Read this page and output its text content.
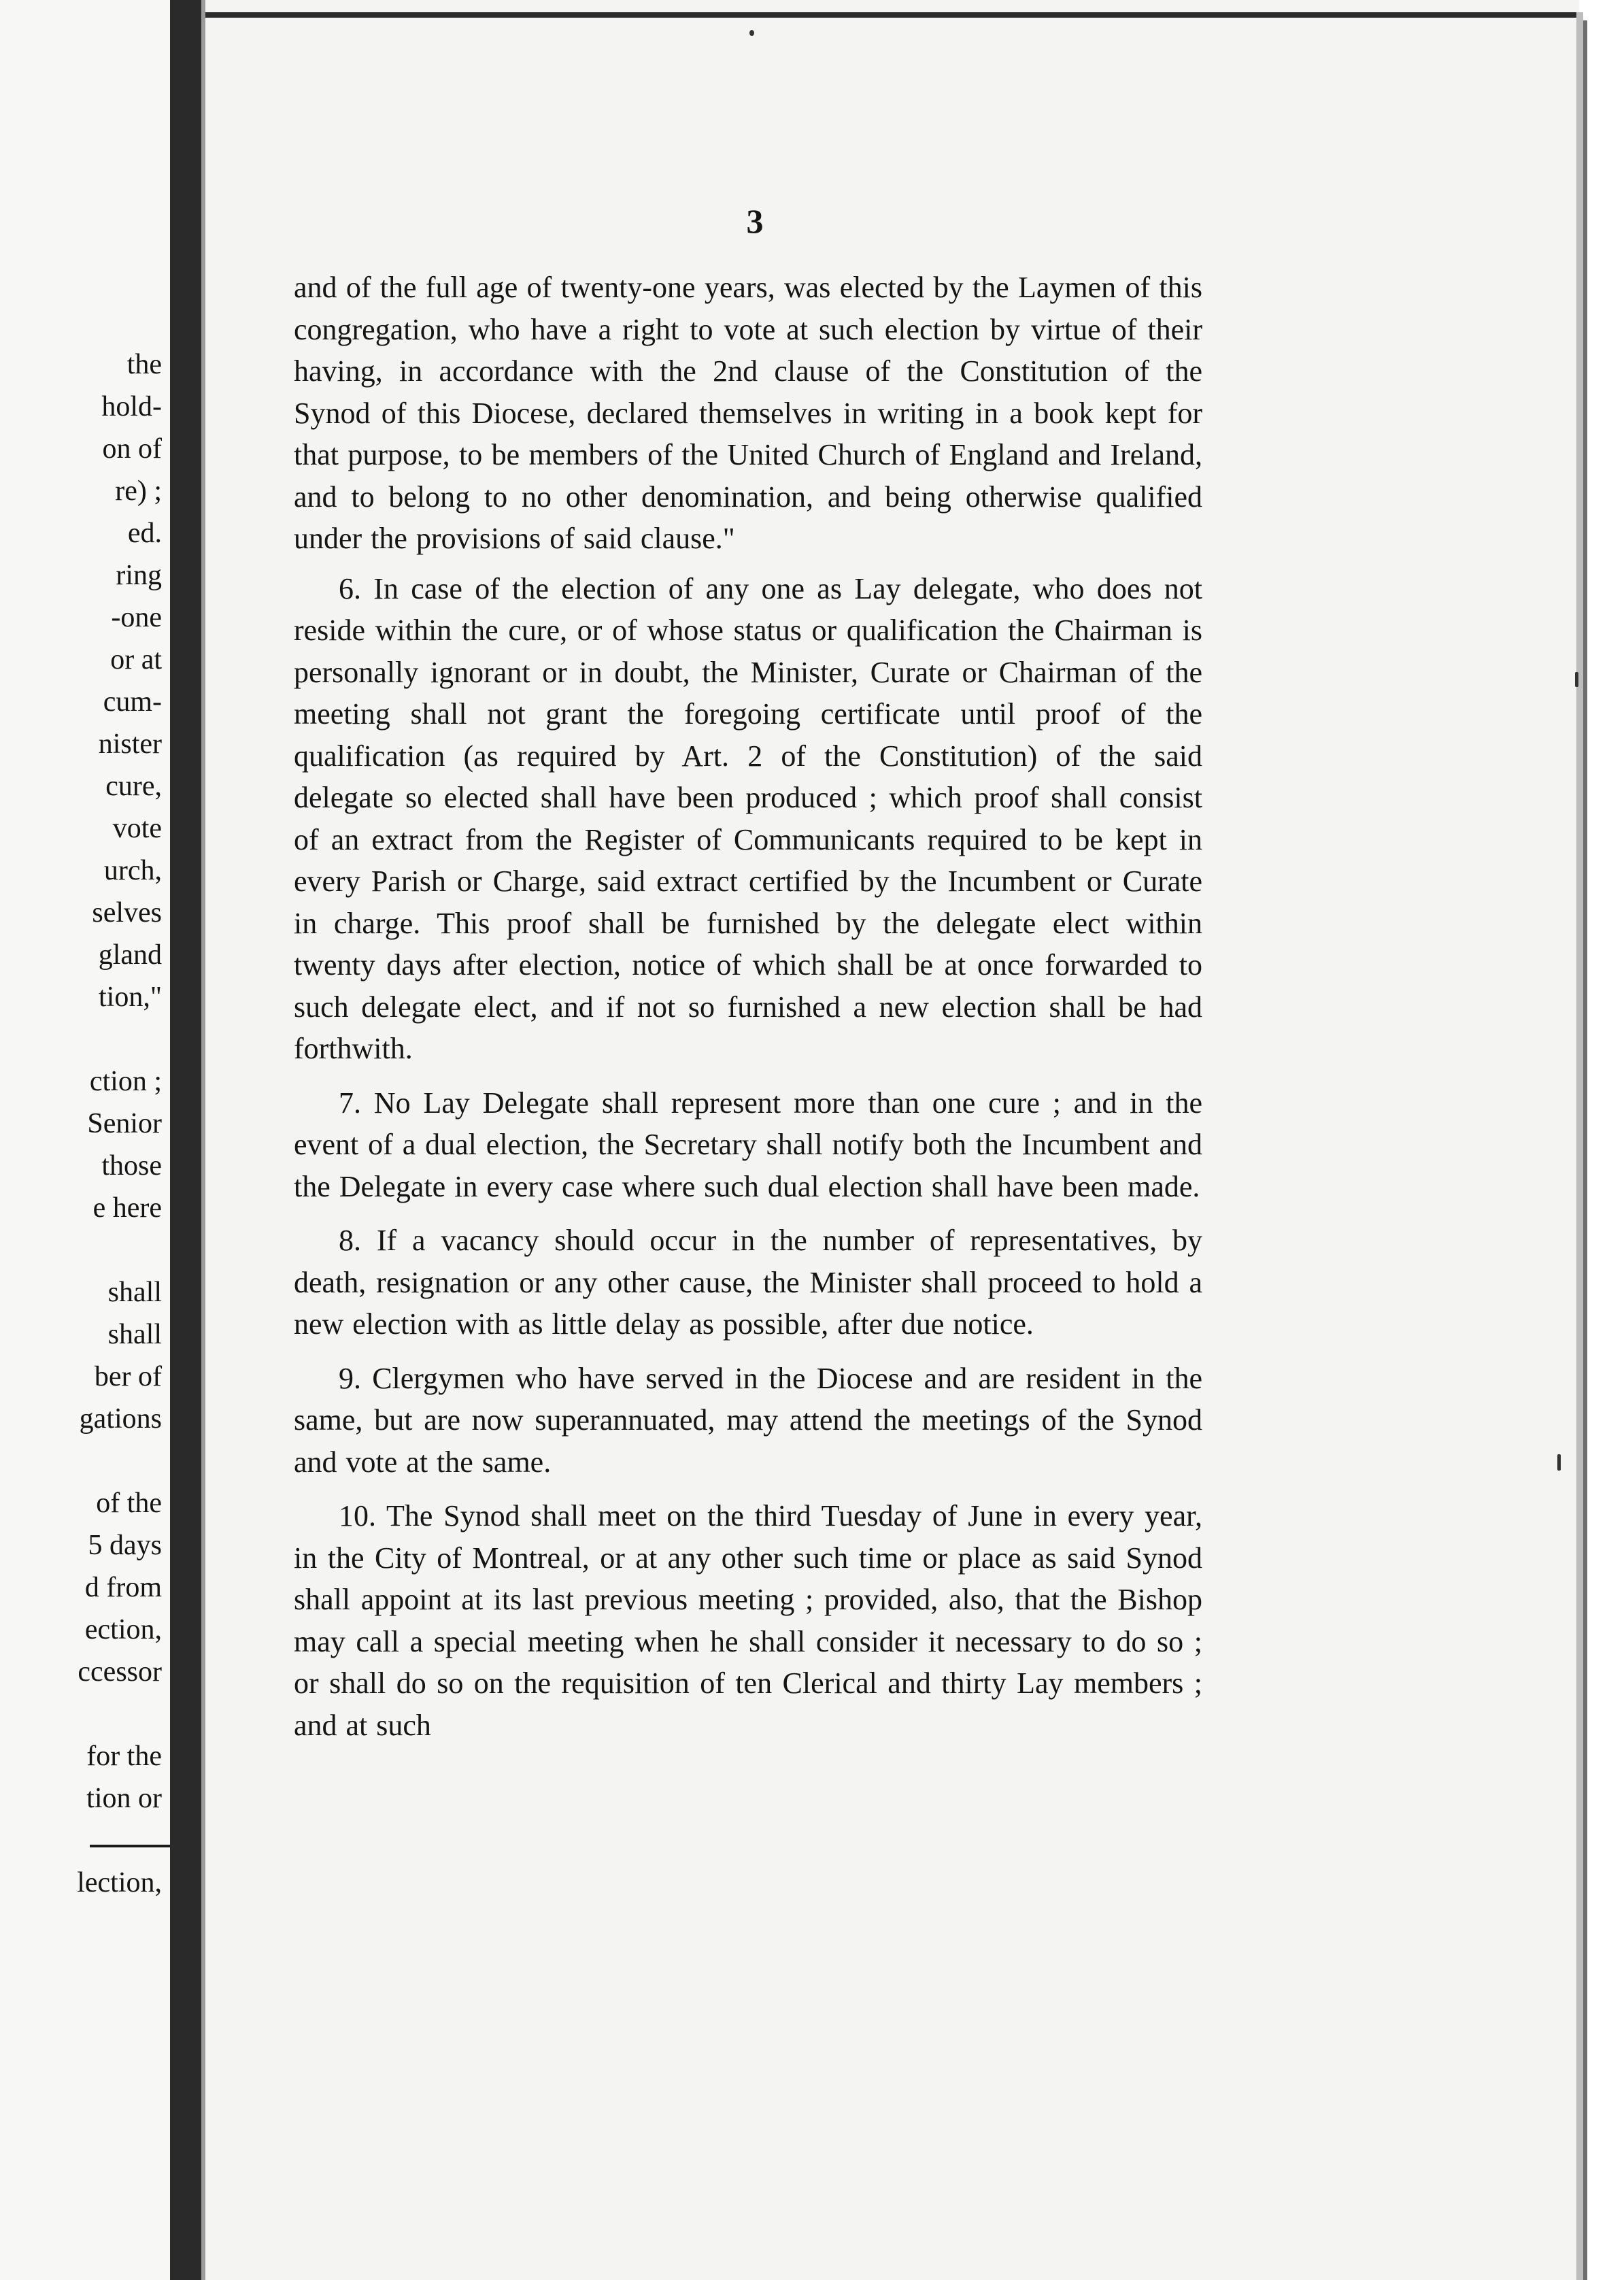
the
hold-
on of
re) ;
ed.
ring
-one
or at
cum-
nister
cure,
vote
urch,
selves
gland
tion,"
ction ;
Senior
those
e here
shall
shall
ber of
gations
of the
5 days
d from
ection,
ccessor
for the
tion or
lection,
3

and of the full age of twenty-one years, was elected by the Laymen of this congregation, who have a right to vote at such election by virtue of their having, in accordance with the 2nd clause of the Constitution of the Synod of this Diocese, declared themselves in writing in a book kept for that purpose, to be members of the United Church of England and Ireland, and to belong to no other denomination, and being otherwise qualified under the provisions of said clause."

6. In case of the election of any one as Lay delegate, who does not reside within the cure, or of whose status or qualification the Chairman is personally ignorant or in doubt, the Minister, Curate or Chairman of the meeting shall not grant the foregoing certificate until proof of the qualification (as required by Art. 2 of the Constitution) of the said delegate so elected shall have been produced ; which proof shall consist of an extract from the Register of Communicants required to be kept in every Parish or Charge, said extract certified by the Incumbent or Curate in charge. This proof shall be furnished by the delegate elect within twenty days after election, notice of which shall be at once forwarded to such delegate elect, and if not so furnished a new election shall be had forthwith.

7. No Lay Delegate shall represent more than one cure ; and in the event of a dual election, the Secretary shall notify both the Incumbent and the Delegate in every case where such dual election shall have been made.

8. If a vacancy should occur in the number of representatives, by death, resignation or any other cause, the Minister shall proceed to hold a new election with as little delay as possible, after due notice.

9. Clergymen who have served in the Diocese and are resident in the same, but are now superannuated, may attend the meetings of the Synod and vote at the same.

10. The Synod shall meet on the third Tuesday of June in every year, in the City of Montreal, or at any other such time or place as said Synod shall appoint at its last previous meeting ; provided, also, that the Bishop may call a special meeting when he shall consider it necessary to do so ; or shall do so on the requisition of ten Clerical and thirty Lay members ; and at such
